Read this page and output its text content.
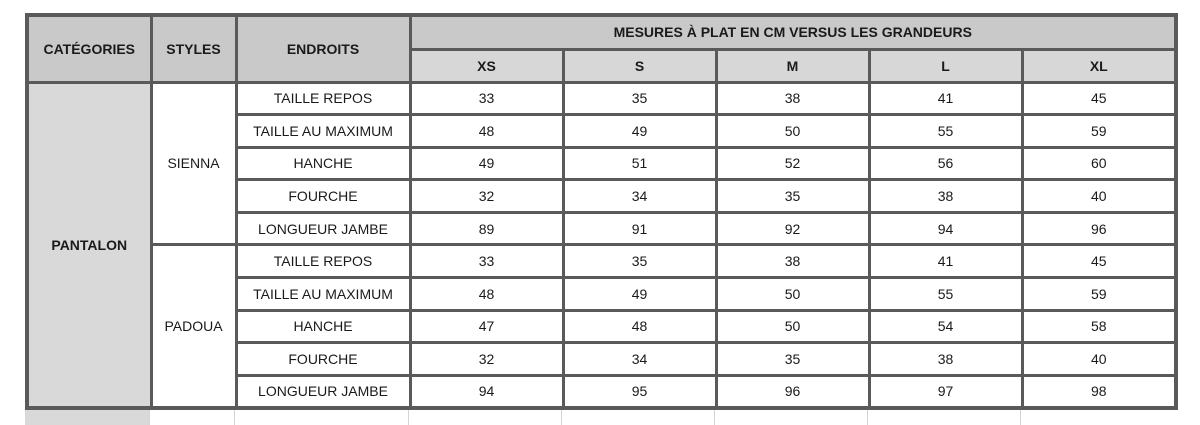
CATÉGORIES	STYLES	ENDROITS	MESURES À PLAT EN CM VERSUS LES GRANDEURS				
			XS	S	M	L	XL
PANTALON	SIENNA	TAILLE REPOS	33	35	38	41	45
		TAILLE AU MAXIMUM	48	49	50	55	59
		HANCHE	49	51	52	56	60
		FOURCHE	32	34	35	38	40
		LONGUEUR JAMBE	89	91	92	94	96
	PADOUA	TAILLE REPOS	33	35	38	41	45
		TAILLE AU MAXIMUM	48	49	50	55	59
		HANCHE	47	48	50	54	58
		FOURCHE	32	34	35	38	40
		LONGUEUR JAMBE	94	95	96	97	98
